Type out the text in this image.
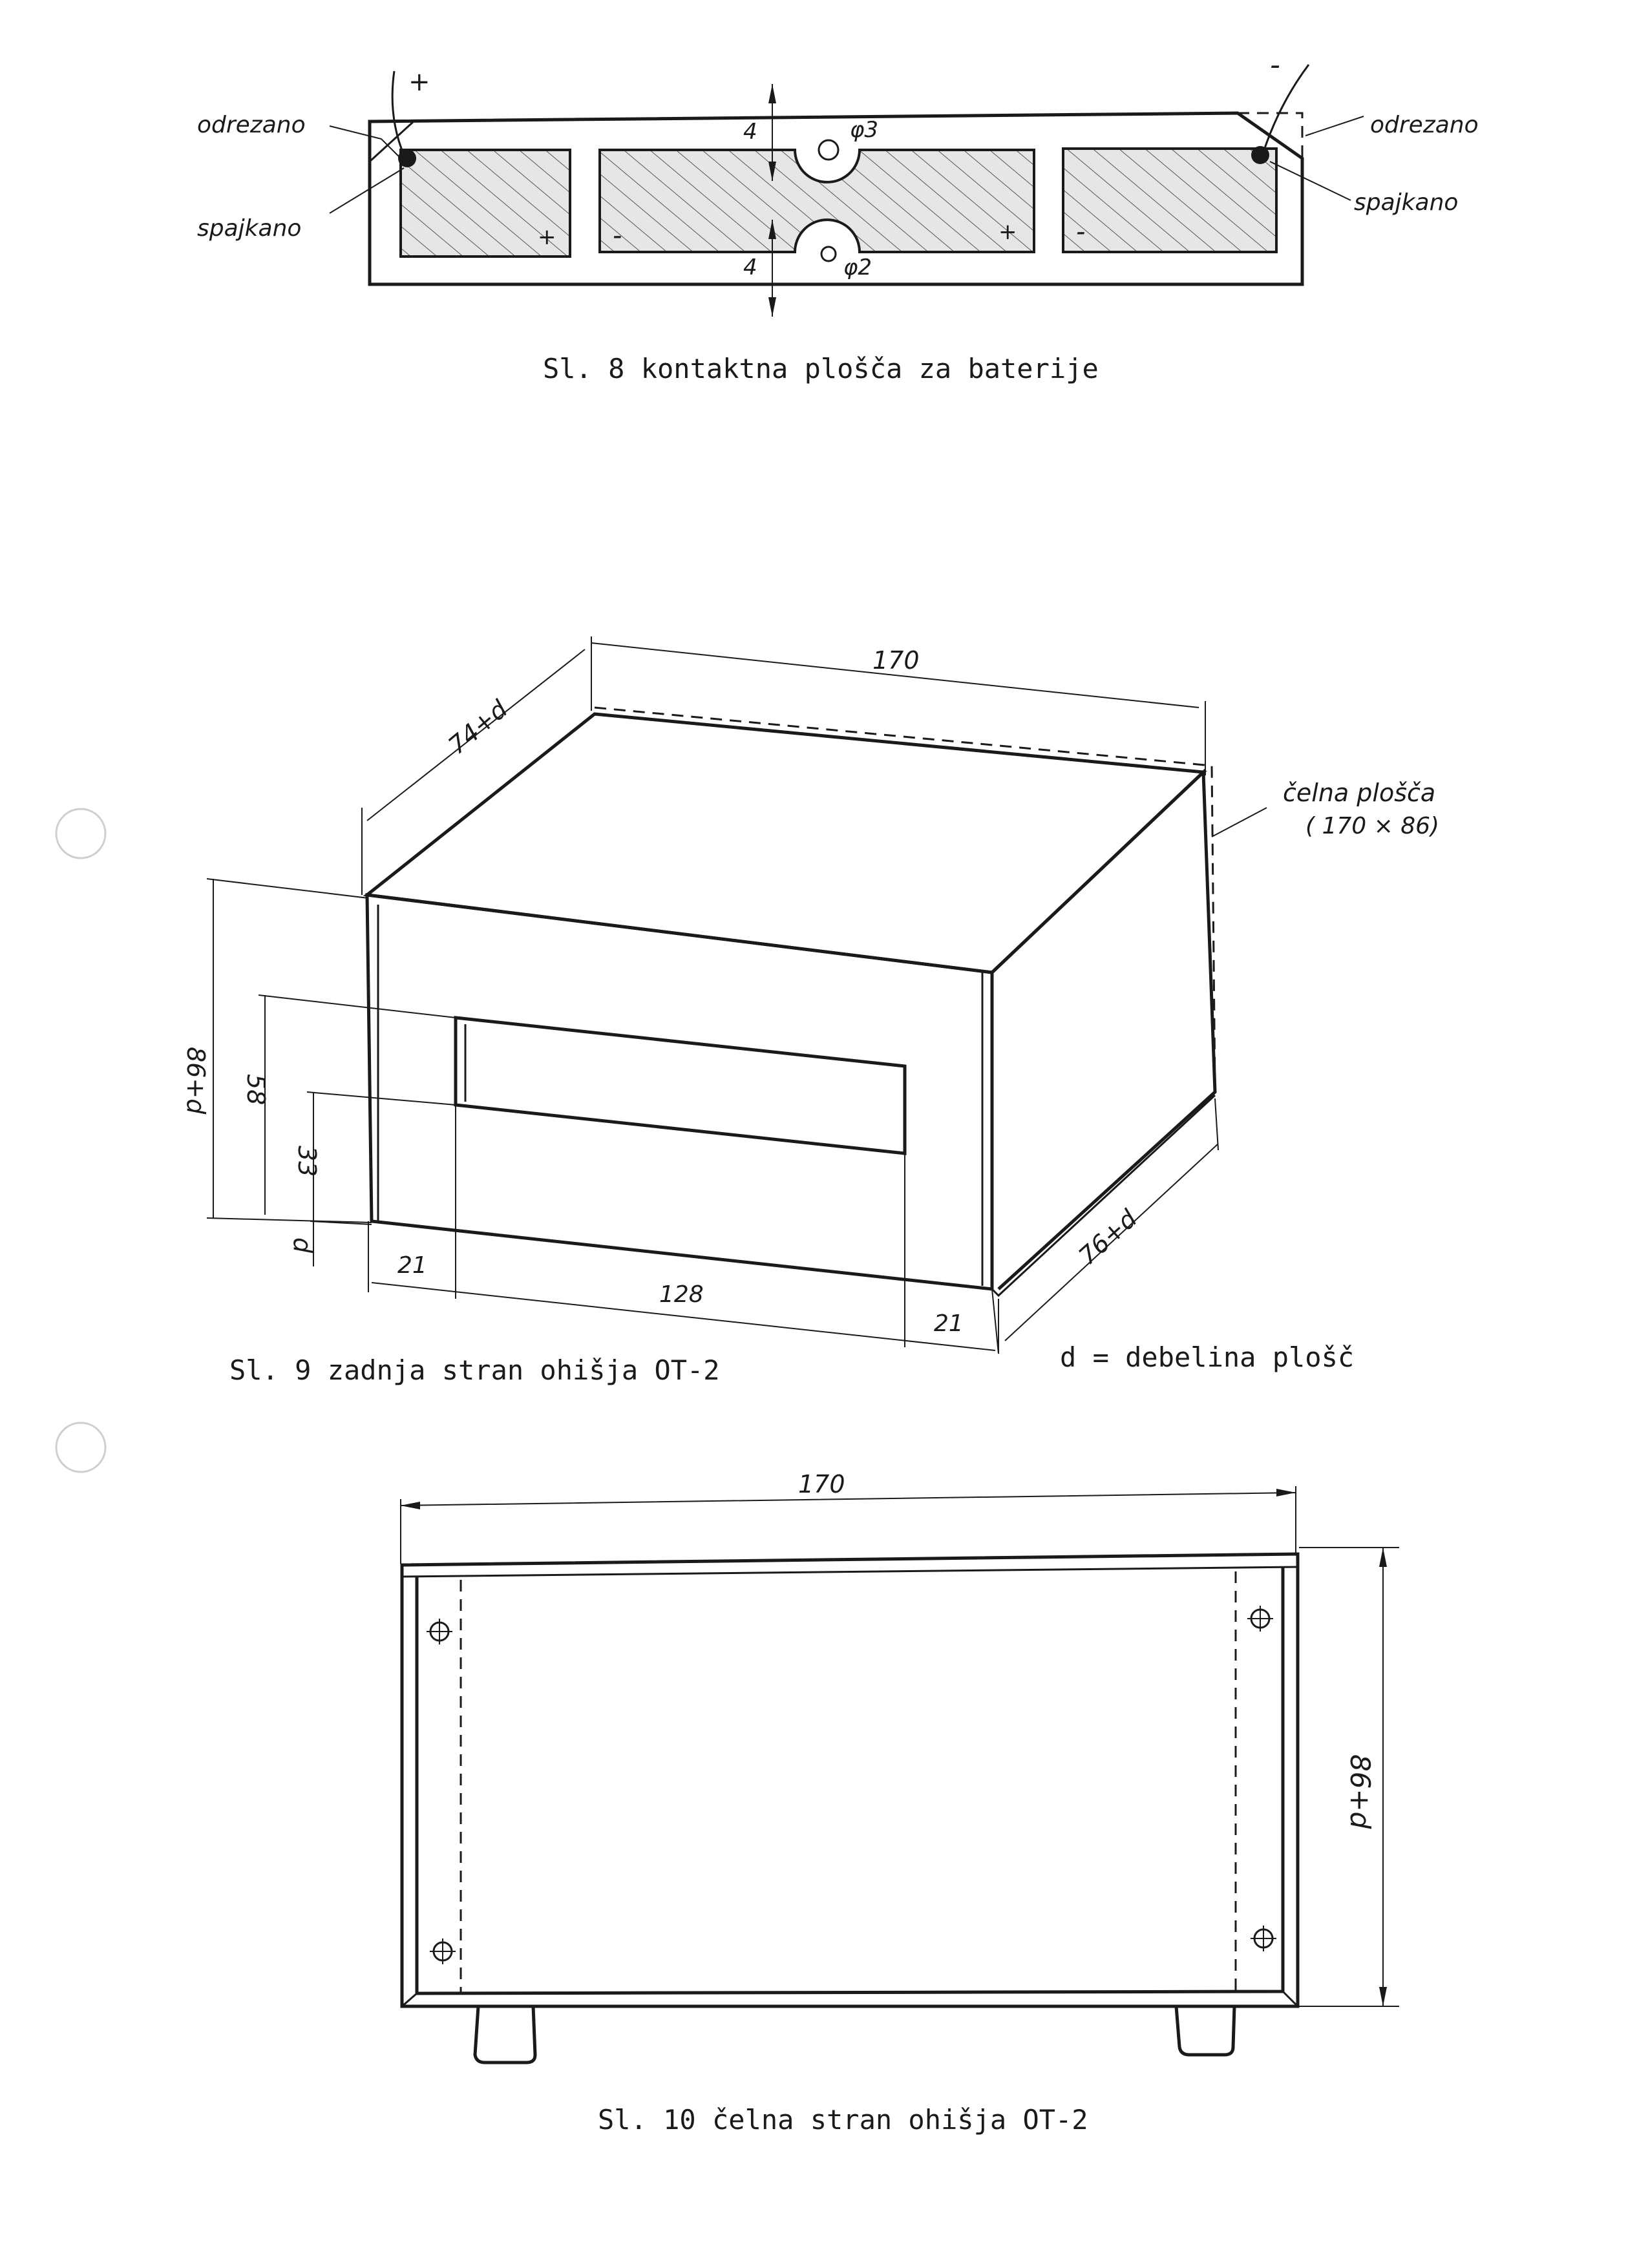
odrezano	odrezano
spajkano
spajkano
+
-
+ -	+ -
4
4
φ3
φ2
Sl. 8 kontaktna plošča za baterije
170
74+d
76+d
86+d 58
33
d
21
128
21
čelna plošča
( 170 × 86)
Sl. 9 zadnja stran ohišja OT-2	d = debelina plošč
170
86+d
Sl. 10 čelna stran ohišja OT-2
